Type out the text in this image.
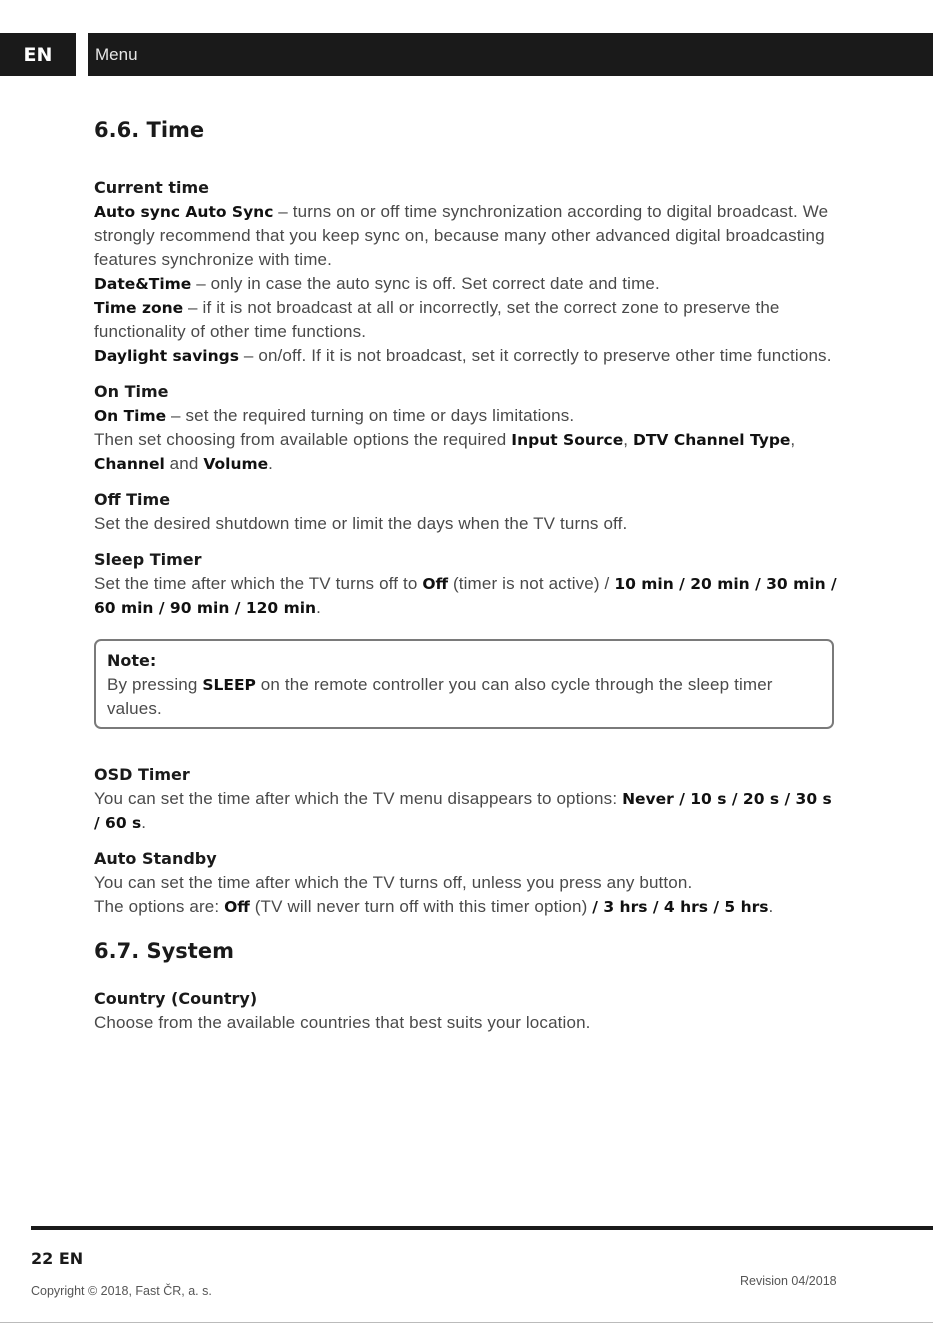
EN	Menu
6.6. Time
Current time

Auto sync Auto Sync – turns on or off time synchronization according to digital broadcast. We strongly recommend that you keep sync on, because many other advanced digital broadcasting features synchronize with time.

Date&Time – only in case the auto sync is off. Set correct date and time.

Time zone – if it is not broadcast at all or incorrectly, set the correct zone to preserve the functionality of other time functions.

Daylight savings – on/off. If it is not broadcast, set it correctly to preserve other time functions.

On Time

On Time – set the required turning on time or days limitations.

Then set choosing from available options the required Input Source, DTV Channel Type, Channel and Volume.

Off Time

Set the desired shutdown time or limit the days when the TV turns off.

Sleep Timer

Set the time after which the TV turns off to Off (timer is not active) / 10 min / 20 min / 30 min / 60 min / 90 min / 120 min.

Note:

By pressing SLEEP on the remote controller you can also cycle through the sleep timer values.

OSD Timer

You can set the time after which the TV menu disappears to options: Never / 10 s / 20 s / 30 s / 60 s.

Auto Standby

You can set the time after which the TV turns off, unless you press any button.

The options are: Off (TV will never turn off with this timer option) / 3 hrs / 4 hrs / 5 hrs.

6.7. System
Country (Country)

Choose from the available countries that best suits your location.

22 EN
Copyright © 2018, Fast ČR, a. s.
Revision 04/2018
